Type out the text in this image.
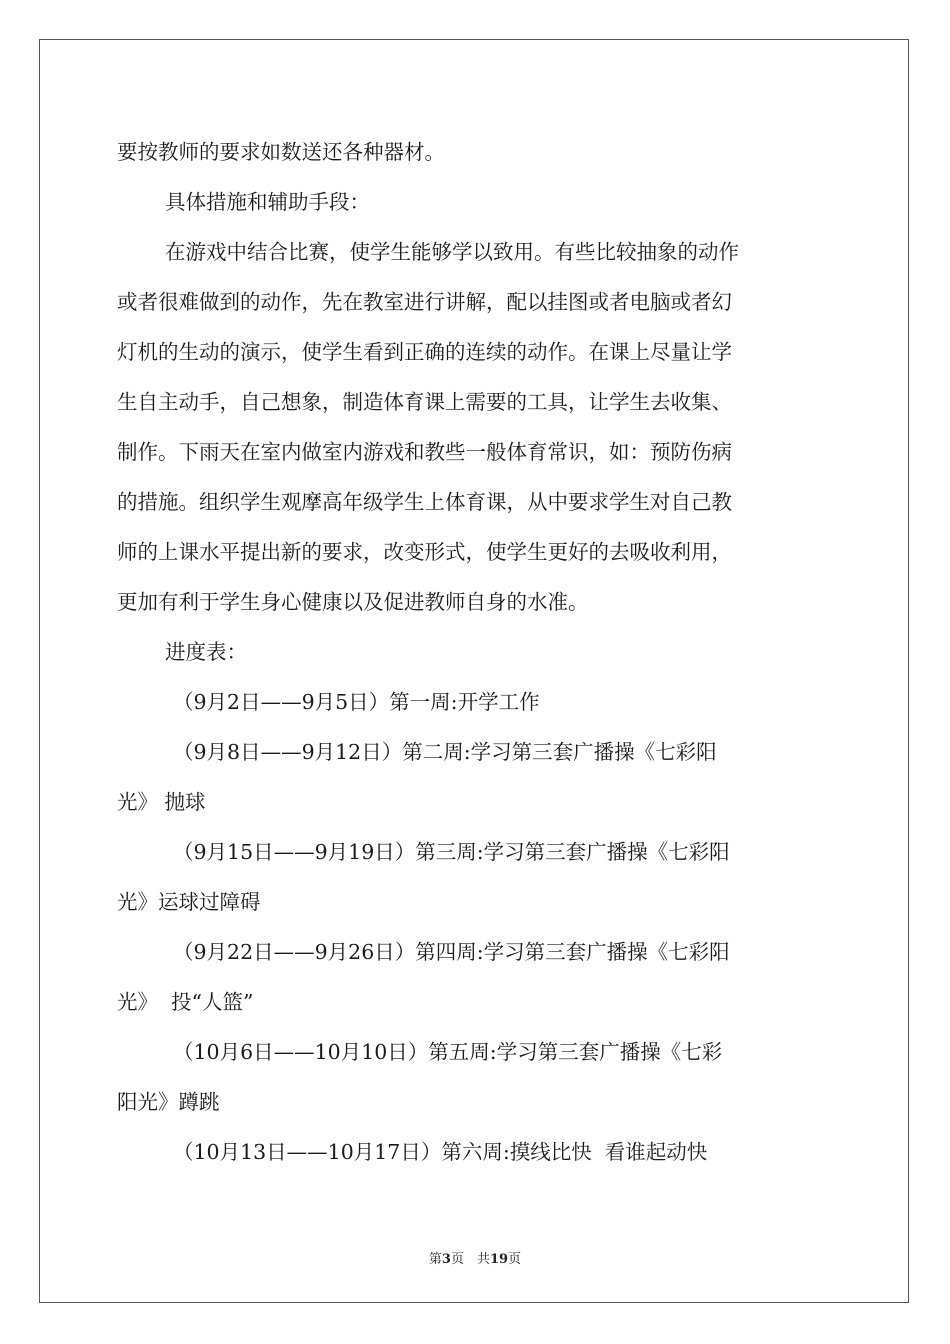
要按教师的要求如数送还各种器材。
具体措施和辅助手段：
在游戏中结合比赛，使学生能够学以致用。有些比较抽象的动作
或者很难做到的动作，先在教室进行讲解，配以挂图或者电脑或者幻
灯机的生动的演示，使学生看到正确的连续的动作。在课上尽量让学
生自主动手，自己想象，制造体育课上需要的工具，让学生去收集、
制作。下雨天在室内做室内游戏和教些一般体育常识，如：预防伤病
的措施。组织学生观摩高年级学生上体育课，从中要求学生对自己教
师的上课水平提出新的要求，改变形式，使学生更好的去吸收利用，
更加有利于学生身心健康以及促进教师自身的水准。
进度表：
（9月2日——9月5日）第一周:开学工作
（9月8日——9月12日）第二周:学习第三套广播操《七彩阳
光》 抛球
（9月15日——9月19日）第三周:学习第三套广播操《七彩阳
光》运球过障碍
（9月22日——9月26日）第四周:学习第三套广播操《七彩阳
光》  投“人篮”
（10月6日——10月10日）第五周:学习第三套广播操《七彩
阳光》蹲跳
（10月13日——10月17日）第六周:摸线比快  看谁起动快
第3页　共19页
